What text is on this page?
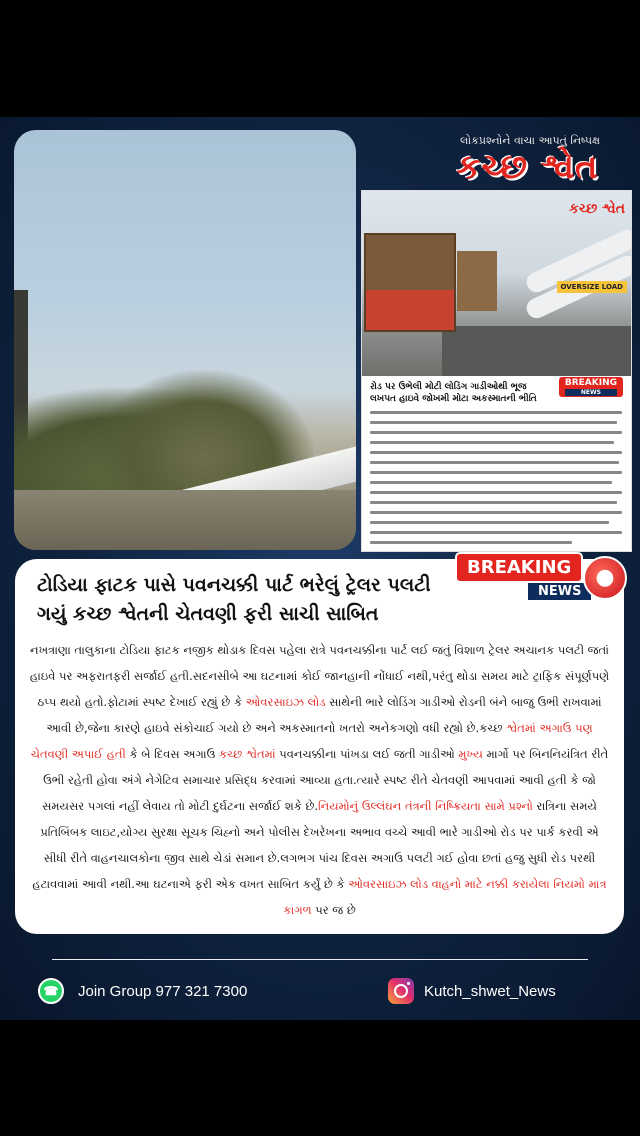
લોકપ્રશ્નોને વાચા આપતું નિષ્પક્ષ
કચ્છ શ્વેત
OVERSIZE LOAD
કચ્છ શ્વેત
BREAKING
NEWS
રોડ પર ઉભેલી મોટી લોડિંગ ગાડીઓથી ભૂજ લખપત હાઇવે જોખમી મોટા અકસ્માતની ભીતિ
ટોડિયા ફાટક પાસે પવનચક્કી પાર્ટ ભરેલું ટ્રેલર પલટી ગયું કચ્છ શ્વેતની ચેતવણી ફરી સાચી સાબિત
નખત્રાણા તાલુકાના ટોડિયા ફાટક નજીક થોડાક દિવસ પહેલા રાત્રે પવનચક્કીના પાર્ટ લઈ જતું વિશાળ ટ્રેલર અચાનક પલટી જતાં હાઇવે પર અફરાતફરી સર્જાઈ હતી.સદનસીબે આ ઘટનામાં કોઈ જાનહાની નોંધાઈ નથી,પરંતુ થોડા સમય માટે ટ્રાફિક સંપૂર્ણપણે ઠપ્પ થયો હતો.ફોટામાં સ્પષ્ટ દેખાઈ રહ્યું છે કે ઓવરસાઇઝ લોડ સાથેની ભારે લોડિંગ ગાડીઓ રોડની બંને બાજુ ઉભી રાખવામાં આવી છે,જેના કારણે હાઇવે સંકોચાઈ ગયો છે અને અકસ્માતનો ખતરો અનેકગણો વધી રહ્યો છે.કચ્છ શ્વેતમાં અગાઉ પણ ચેતવણી અપાઈ હતી કે બે દિવસ અગાઉ કચ્છ શ્વેતમાં પવનચક્કીના પાંખડા લઈ જતી ગાડીઓ મુખ્ય માર્ગો પર બિનનિયંત્રિત રીતે ઉભી રહેતી હોવા અંગે નેગેટિવ સમાચાર પ્રસિદ્ધ કરવામાં આવ્યા હતા.ત્યારે સ્પષ્ટ રીતે ચેતવણી આપવામાં આવી હતી કે જો સમયસર પગલાં નહીં લેવાય તો મોટી દુર્ઘટના સર્જાઈ શકે છે.નિયમોનું ઉલ્લંઘન તંત્રની નિષ્ક્રિયતા સામે પ્રશ્નો રાત્રિના સમયે પ્રતિબિંબક લાઇટ,યોગ્ય સુરક્ષા સૂચક ચિહ્નો અને પોલીસ દેખરેખના અભાવ વચ્ચે આવી ભારે ગાડીઓ રોડ પર પાર્ક કરવી એ સીધી રીતે વાહનચાલકોના જીવ સાથે ચેડાં સમાન છે.લગભગ પાંચ દિવસ અગાઉ પલટી ગઈ હોવા છતાં હજુ સુધી રોડ પરથી હટાવવામાં આવી નથી.આ ઘટનાએ ફરી એક વખત સાબિત કર્યું છે કે ઓવરસાઇઝ લોડ વાહનો માટે નક્કી કરાયેલા નિયમો માત્ર કાગળ પર જ છે
BREAKING
NEWS
●
☎	Join Group 977 321 7300	Kutch_shwet_News
